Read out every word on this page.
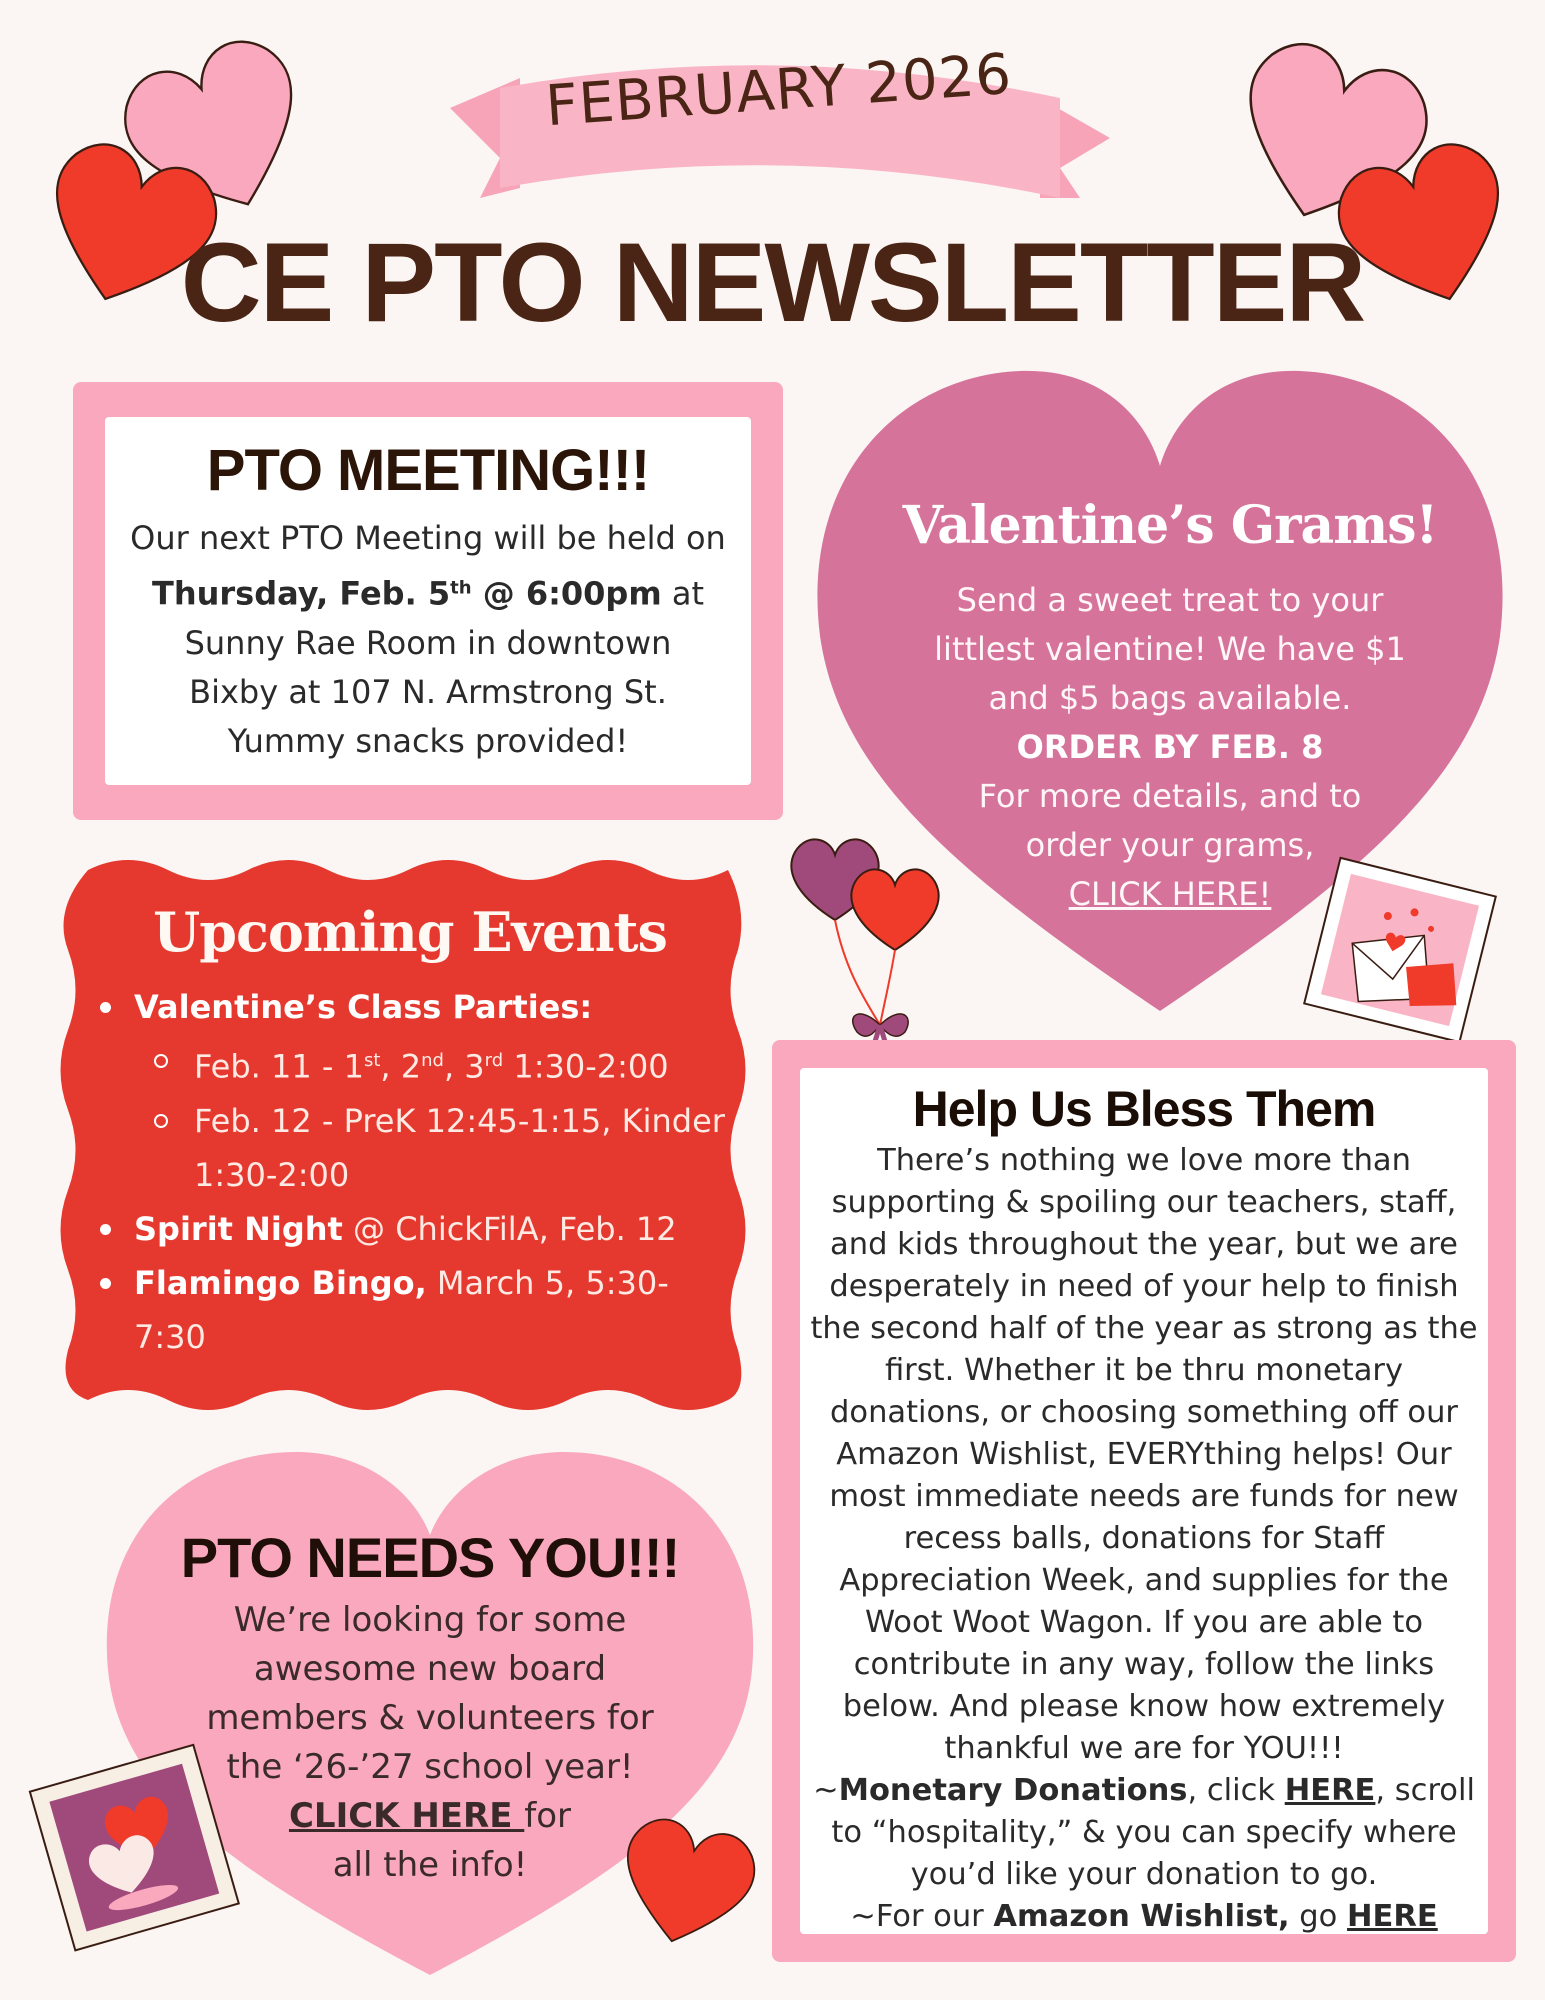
FEBRUARY 2026
CE PTO NEWSLETTER
PTO MEETING!!!
Our next PTO Meeting will be held on
Thursday, Feb. 5th @ 6:00pm at
Sunny Rae Room in downtown
Bixby at 107 N. Armstrong St.
Yummy snacks provided!
Valentine’s Grams!
Send a sweet treat to your
littlest valentine! We have $1
and $5 bags available.
ORDER BY FEB. 8
For more details, and to
order your grams,
CLICK HERE!
Upcoming Events
Valentine’s Class Parties:
Feb. 11 - 1st, 2nd, 3rd 1:30-2:00
Feb. 12 - PreK 12:45-1:15, Kinder
1:30-2:00
Spirit Night @ ChickFilA, Feb. 12
Flamingo Bingo, March 5, 5:30-
7:30
PTO NEEDS YOU!!!
We’re looking for some
awesome new board
members & volunteers for
the ‘26-’27 school year!
CLICK HERE for
all the info!
Help Us Bless Them
There’s nothing we love more than supporting & spoiling our teachers, staff, and kids throughout the year, but we are desperately in need of your help to finish the second half of the year as strong as the first. Whether it be thru monetary donations, or choosing something off our Amazon Wishlist, EVERYthing helps! Our most immediate needs are funds for new recess balls, donations for Staff Appreciation Week, and supplies for the Woot Woot Wagon. If you are able to contribute in any way, follow the links below. And please know how extremely thankful we are for YOU!!!
~Monetary Donations, click HERE, scroll to “hospitality,” & you can specify where you’d like your donation to go.
~For our Amazon Wishlist, go HERE
